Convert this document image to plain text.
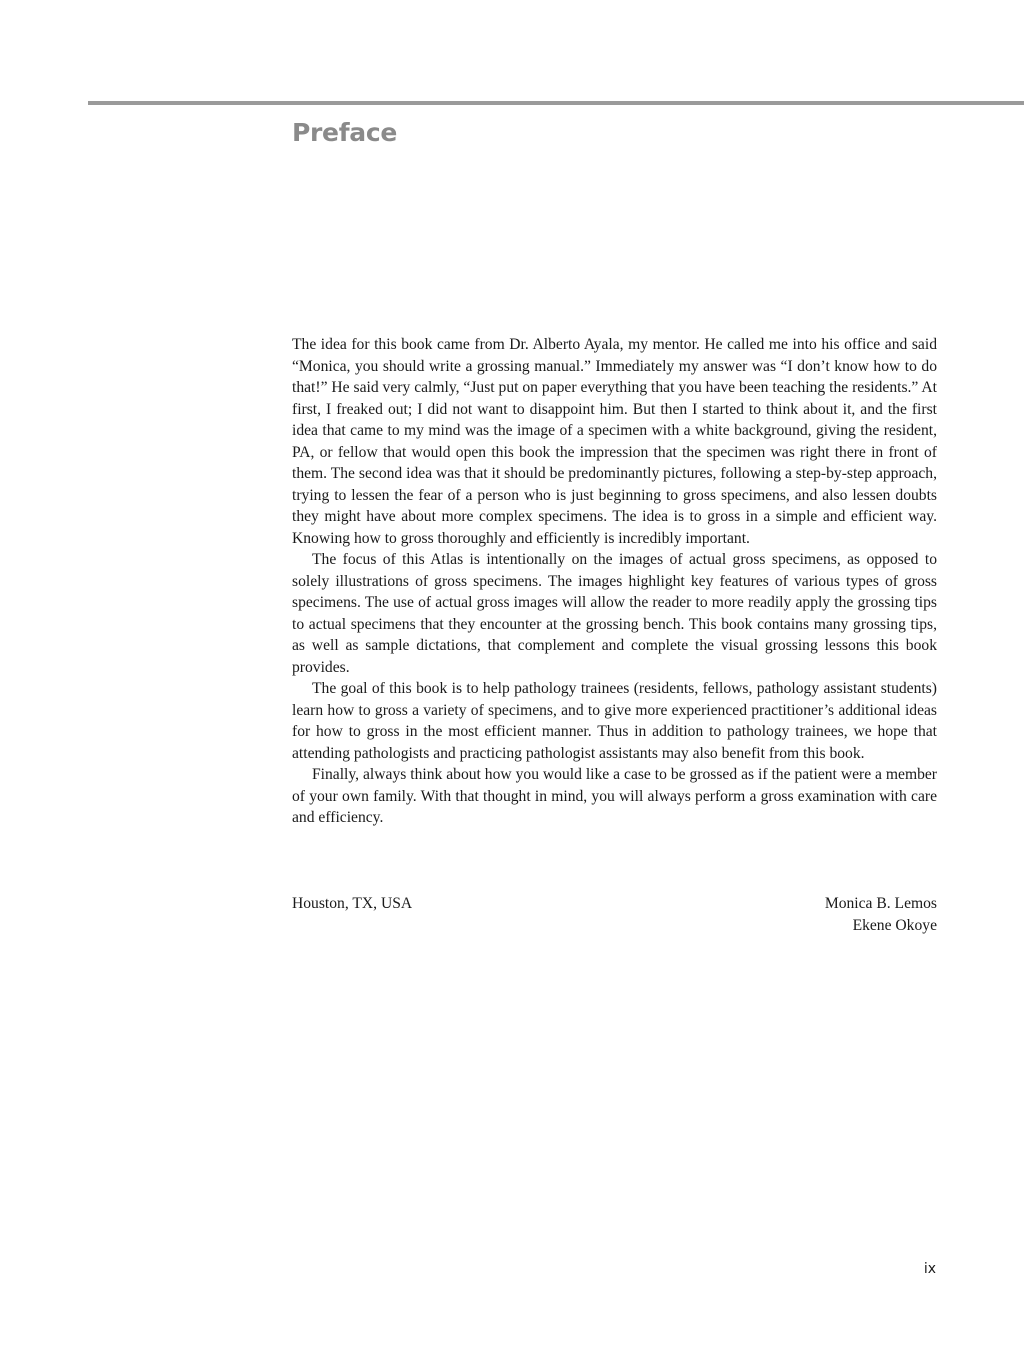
Preface

The idea for this book came from Dr. Alberto Ayala, my mentor. He called me into his office and said “Monica, you should write a grossing manual.” Immediately my answer was “I don’t know how to do that!” He said very calmly, “Just put on paper everything that you have been teaching the residents.” At first, I freaked out; I did not want to disappoint him. But then I started to think about it, and the first idea that came to my mind was the image of a specimen with a white background, giving the resident, PA, or fellow that would open this book the impression that the specimen was right there in front of them. The second idea was that it should be predominantly pictures, following a step-by-step approach, trying to lessen the fear of a person who is just beginning to gross specimens, and also lessen doubts they might have about more complex specimens. The idea is to gross in a simple and efficient way. Knowing how to gross thoroughly and efficiently is incredibly important.

The focus of this Atlas is intentionally on the images of actual gross specimens, as opposed to solely illustrations of gross specimens. The images highlight key features of various types of gross specimens. The use of actual gross images will allow the reader to more readily apply the grossing tips to actual specimens that they encounter at the grossing bench. This book contains many grossing tips, as well as sample dictations, that complement and complete the visual grossing lessons this book provides.

The goal of this book is to help pathology trainees (residents, fellows, pathology assistant students) learn how to gross a variety of specimens, and to give more experienced practitioner’s additional ideas for how to gross in the most efficient manner. Thus in addition to pathology trainees, we hope that attending pathologists and practicing pathologist assistants may also benefit from this book.

Finally, always think about how you would like a case to be grossed as if the patient were a member of your own family. With that thought in mind, you will always perform a gross examination with care and efficiency.

Houston, TX, USA	Monica B. Lemos
Ekene Okoye
ix
